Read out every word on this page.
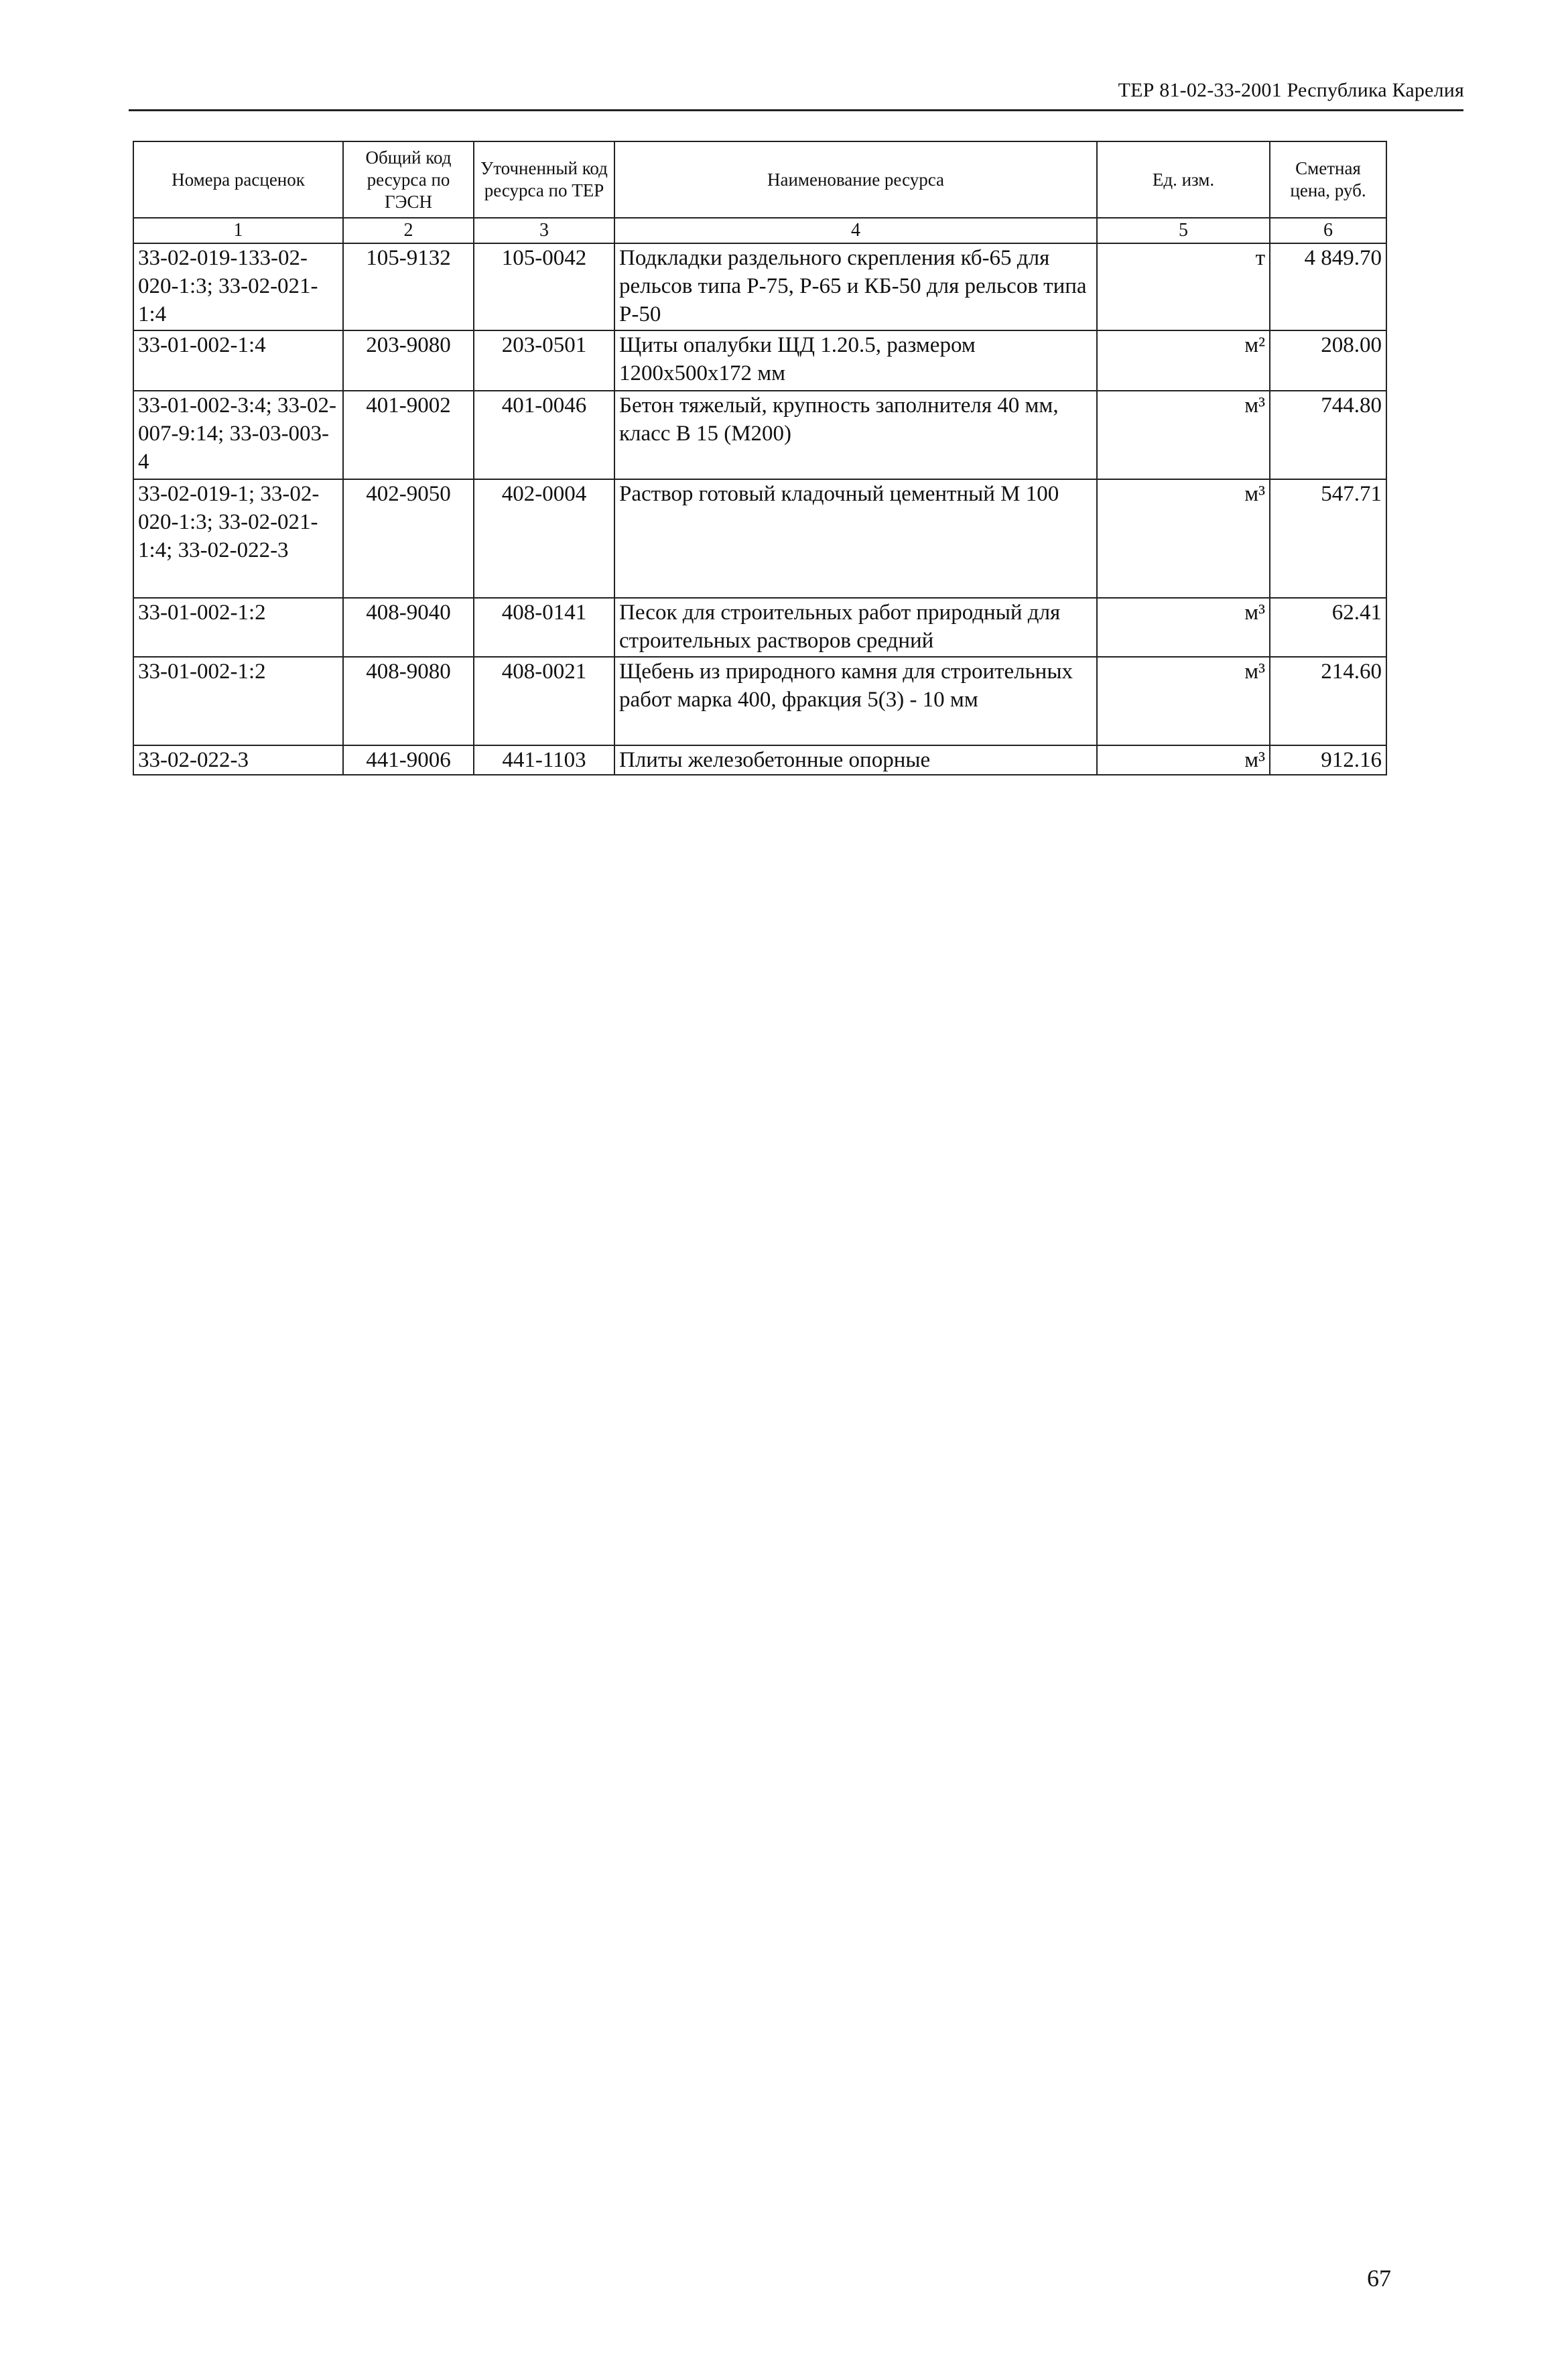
ТЕР 81-02-33-2001 Республика Карелия
Номера расценок	Общий код ресурса по ГЭСН	Уточненный код ресурса по ТЕР	Наименование ресурса	Ед. изм.	Сметная цена, руб.
1	2	3	4	5	6
33-02-019-133-02-020-1:3; 33-02-021-1:4	105-9132	105-0042	Подкладки раздельного скрепления кб-65 для рельсов типа Р-75, Р-65 и КБ-50 для рельсов типа Р-50	т	4 849.70
33-01-002-1:4	203-9080	203-0501	Щиты опалубки ЩД 1.20.5, размером 1200х500х172 мм	м²	208.00
33-01-002-3:4; 33-02-007-9:14; 33-03-003-4	401-9002	401-0046	Бетон тяжелый, крупность заполнителя 40 мм, класс В 15 (М200)	м³	744.80
33-02-019-1; 33-02-020-1:3; 33-02-021-1:4; 33-02-022-3	402-9050	402-0004	Раствор готовый кладочный цементный М 100	м³	547.71
33-01-002-1:2	408-9040	408-0141	Песок для строительных работ природный для строительных растворов средний	м³	62.41
33-01-002-1:2	408-9080	408-0021	Щебень из природного камня для строительных работ марка 400, фракция 5(3) - 10 мм	м³	214.60
33-02-022-3	441-9006	441-1103	Плиты железобетонные опорные	м³	912.16
67
